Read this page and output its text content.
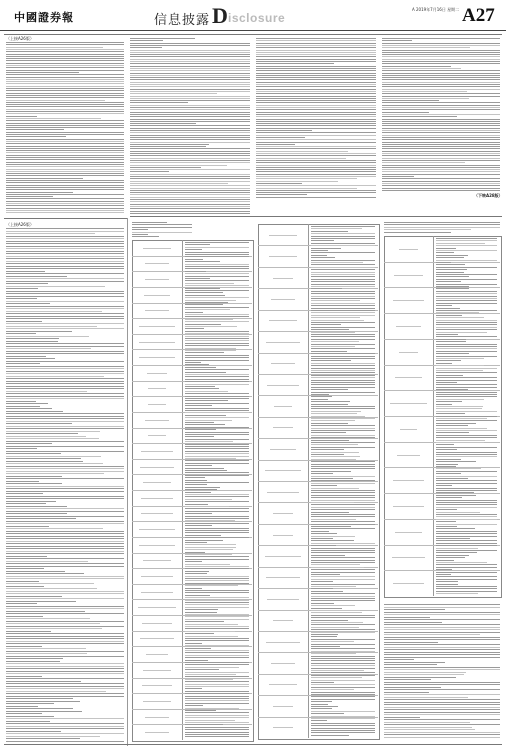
中國證券報	信息披露 D isclosure
A 2019年7月16日 星期二 A27
（上接A26版）
（上接A26版）
（下转A28版）
